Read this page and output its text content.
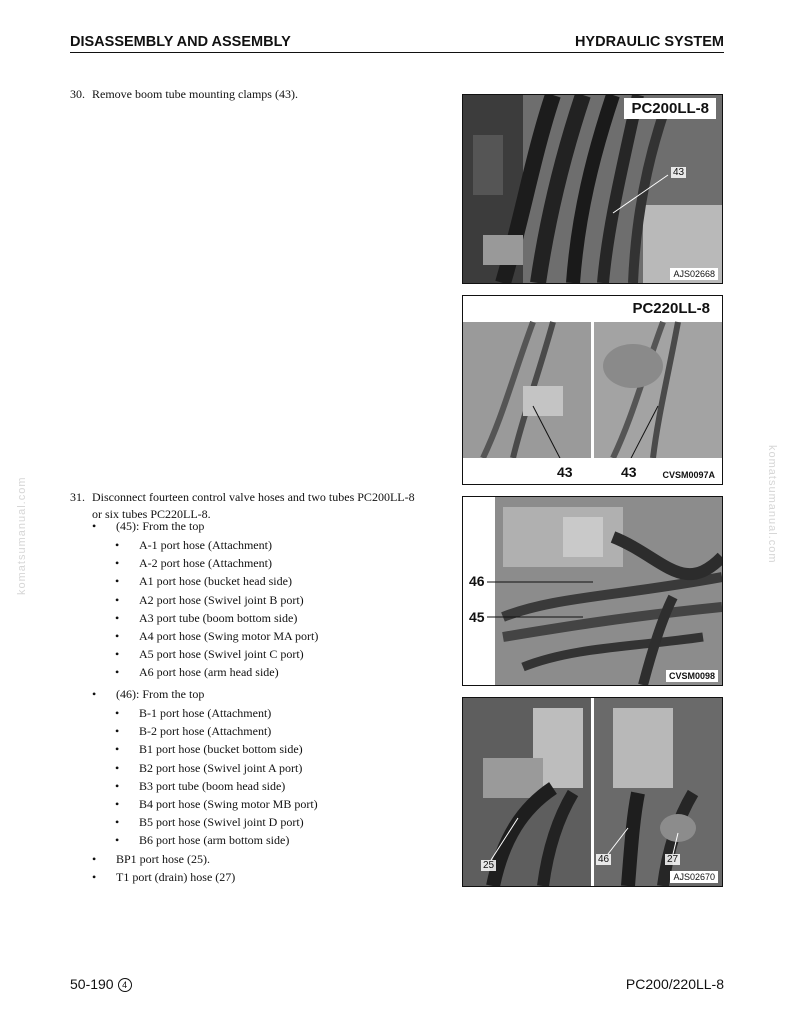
DISASSEMBLY AND ASSEMBLY	HYDRAULIC SYSTEM
komatsumanual.com	komatsumanual.com
30. Remove boom tube mounting clamps (43).
31. Disconnect fourteen control valve hoses and two tubes PC200LL-8
or six tubes PC220LL-8.
• (45): From the top
• A-1 port hose (Attachment)
• A-2 port hose (Attachment)
• A1 port hose (bucket head side)
• A2 port hose (Swivel joint B port)
• A3 port tube (boom bottom side)
• A4 port hose (Swing motor MA port)
• A5 port hose (Swivel joint C port)
• A6 port hose (arm head side)
• (46): From the top
• B-1 port hose (Attachment)
• B-2 port hose (Attachment)
• B1 port hose (bucket bottom side)
• B2 port hose (Swivel joint A port)
• B3 port tube (boom head side)
• B4 port hose (Swing motor MB port)
• B5 port hose (Swivel joint D port)
• B6 port hose (arm bottom side)
• BP1 port hose (25).
• T1 port (drain) hose (27)
PC200LL-8
43
AJS02668
PC220LL-8
43	43	CVSM0097A
46
45
CVSM0098
25
46	27
AJS02670
50-190 4	PC200/220LL-8
